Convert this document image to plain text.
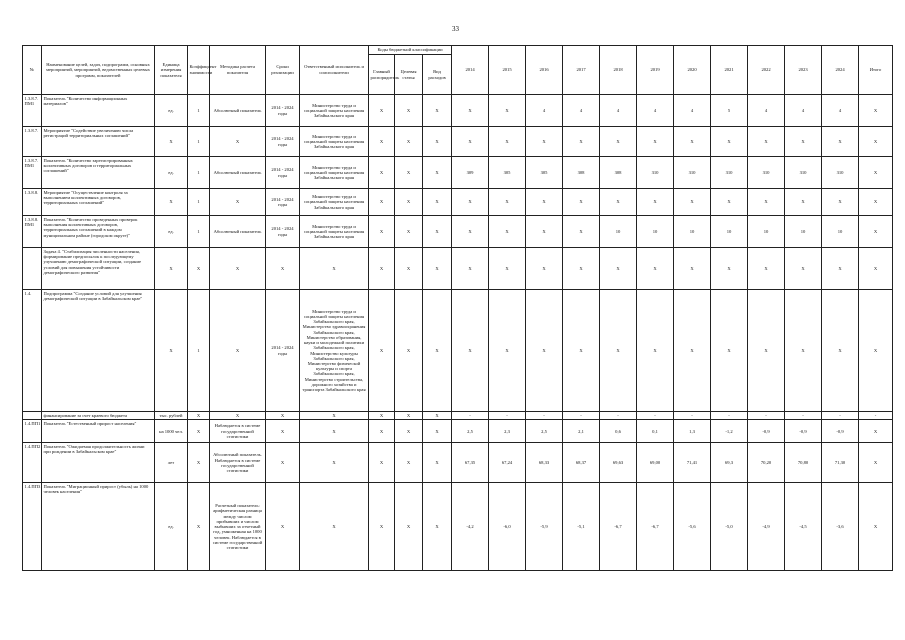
33
№	Наименование целей, задач, подпрограмм, основных мероприятий, мероприятий, ведомственных целевых программ, показателей	Единица измерения показателя	Коэффициент значимости	Методика расчета показателя	Сроки реализации	Ответственный исполнитель и соисполнители	Коды бюджетной классификации			2014	2015	2016	2017	2018	2019	2020	2021	2022	2023	2024	Итого
							Главный распорядитель	Целевая статья	Вид расходов												
1.3.8.7. ПМ1	Показатель "Количество информационных материалов"	ед.	1	Абсолютный показатель	2014 - 2024 годы	Министерство труда и социальной защиты населения Забайкальского края	Х	Х	Х	Х	Х	4	4	4	4	4	5	4	4	4	Х
1.3.8.7.	Мероприятие "Содействие увеличению числа регистраций территориальных соглашений"	Х	1	Х	2014 - 2024 годы	Министерство труда и социальной защиты населения Забайкальского края	Х	Х	Х	Х	Х	Х	Х	Х	Х	Х	Х	Х	Х	Х	Х
1.3.8.7. ПМ1	Показатель "Количество зарегистрированных коллективных договоров и территориальных соглашений"	ед.	1	Абсолютный показатель	2014 - 2024 годы	Министерство труда и социальной защиты населения Забайкальского края	Х	Х	Х	309	305	305	308	308	310	310	310	310	310	310	Х
1.3.8.8.	Мероприятие "Осуществление контроля за выполнением коллективных договоров, территориальных соглашений"	Х	1	Х	2014 - 2024 годы	Министерство труда и социальной защиты населения Забайкальского края	Х	Х	Х	Х	Х	Х	Х	Х	Х	Х	Х	Х	Х	Х	Х
1.3.8.8. ПМ1	Показатель "Количество проведенных проверок выполнения коллективных договоров, территориальных соглашений в каждом муниципальном районе (городском округе)"	ед.	1	Абсолютный показатель	2014 - 2024 годы	Министерство труда и социальной защиты населения Забайкальского края	Х	Х	Х	Х	Х	Х	Х	10	10	10	10	10	10	10	Х
	Задача 4. "Стабилизация численности населения, формирование предпосылок к последующему улучшению демографической ситуации, создание условий для повышения устойчивости демографического развития"	Х	Х	Х	Х	Х	Х	Х	Х	Х	Х	Х	Х	Х	Х	Х	Х	Х	Х	Х	Х
1.4.	Подпрограмма "Создание условий для улучшения демографической ситуации в Забайкальском крае"	Х	1	Х	2014 - 2024 годы	Министерство труда и социальной защиты населения Забайкальского края, Министерство здравоохранения Забайкальского края, Министерство образования, науки и молодежной политики Забайкальского края, Министерство культуры Забайкальского края, Министерство физической культуры и спорта Забайкальского края, Министерство строительства, дорожного хозяйства и транспорта Забайкальского края	Х	Х	Х	Х	Х	Х	Х	Х	Х	Х	Х	Х	Х	Х	Х
	финансирование за счет краевого бюджета	тыс. рублей	Х	Х	Х	Х	Х	Х	Х	-	-	-	-	-	-	-	-	-	-	-	-
1.4.ПП1	Показатель "Естественный прирост населения"	на 1000 чел.	Х	Наблюдается в системе государственной статистики	Х	Х	Х	Х	Х	2,5	2,3	2,5	2,1	0,6	0,1	1,3	-1,2	-0,9	-0,9	-0,9	Х
1.4.ПП2	Показатель "Ожидаемая продолжительность жизни при рождении в Забайкальском крае"	лет	Х	Абсолютный показатель. Наблюдается в системе государственной статистики	Х	Х	Х	Х	Х	67,35	67,24	68,33	68,37	69,63	69,00	71,41	69,3	70,20	70,80	71,30	Х
1.4.ПП3	Показатель "Миграционный прирост (убыль) на 1000 человек населения"	ед.	Х	Расчетный показатель: арифметическая разница между числом прибывших и числом выбывших за отчетный год, умноженная на 1000 человек. Наблюдается в системе государственной статистики	Х	Х	Х	Х	Х	-4,2	-6,0	-5,9	-5,1	-6,7	-6,7	-5,6	-5,0	-4,9	-4,5	-3,6	Х
